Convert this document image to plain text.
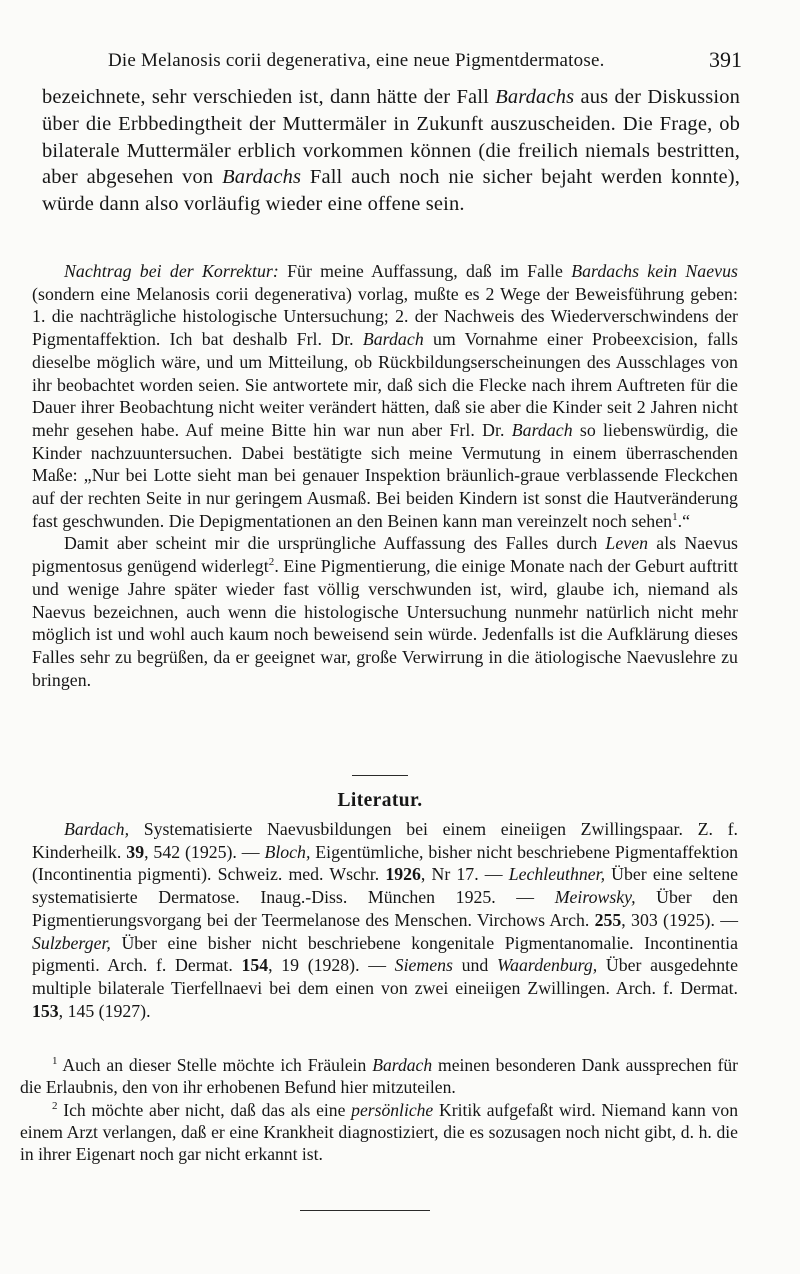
Die Melanosis corii degenerativa, eine neue Pigmentdermatose.	391

bezeichnete, sehr verschieden ist, dann hätte der Fall Bardachs aus der Diskussion über die Erbbedingtheit der Muttermäler in Zukunft auszuscheiden. Die Frage, ob bilaterale Muttermäler erblich vorkommen können (die freilich niemals bestritten, aber abgesehen von Bardachs Fall auch noch nie sicher bejaht werden konnte), würde dann also vorläufig wieder eine offene sein.

Nachtrag bei der Korrektur: Für meine Auffassung, daß im Falle Bardachs kein Naevus (sondern eine Melanosis corii degenerativa) vorlag, mußte es 2 Wege der Beweisführung geben: 1. die nachträgliche histologische Untersuchung; 2. der Nachweis des Wiederverschwindens der Pigmentaffektion. Ich bat deshalb Frl. Dr. Bardach um Vornahme einer Probeexcision, falls dieselbe möglich wäre, und um Mitteilung, ob Rückbildungserscheinungen des Ausschlages von ihr beobachtet worden seien. Sie antwortete mir, daß sich die Flecke nach ihrem Auftreten für die Dauer ihrer Beobachtung nicht weiter verändert hätten, daß sie aber die Kinder seit 2 Jahren nicht mehr gesehen habe. Auf meine Bitte hin war nun aber Frl. Dr. Bardach so liebenswürdig, die Kinder nachzuuntersuchen. Dabei bestätigte sich meine Vermutung in einem überraschenden Maße: „Nur bei Lotte sieht man bei genauer Inspektion bräunlich-graue verblassende Fleckchen auf der rechten Seite in nur geringem Ausmaß. Bei beiden Kindern ist sonst die Hautveränderung fast geschwunden. Die Depigmentationen an den Beinen kann man vereinzelt noch sehen$^1$.“

Damit aber scheint mir die ursprüngliche Auffassung des Falles durch Leven als Naevus pigmentosus genügend widerlegt$^2$. Eine Pigmentierung, die einige Monate nach der Geburt auftritt und wenige Jahre später wieder fast völlig verschwunden ist, wird, glaube ich, niemand als Naevus bezeichnen, auch wenn die histologische Untersuchung nunmehr natürlich nicht mehr möglich ist und wohl auch kaum noch beweisend sein würde. Jedenfalls ist die Aufklärung dieses Falles sehr zu begrüßen, da er geeignet war, große Verwirrung in die ätiologische Naevuslehre zu bringen.

Literatur.

Bardach, Systematisierte Naevusbildungen bei einem eineiigen Zwillingspaar. Z. f. Kinderheilk. 39, 542 (1925). — Bloch, Eigentümliche, bisher nicht beschriebene Pigmentaffektion (Incontinentia pigmenti). Schweiz. med. Wschr. 1926, Nr 17. — Lechleuthner, Über eine seltene systematisierte Dermatose. Inaug.-Diss. München 1925. — Meirowsky, Über den Pigmentierungsvorgang bei der Teermelanose des Menschen. Virchows Arch. 255, 303 (1925). — Sulzberger, Über eine bisher nicht beschriebene kongenitale Pigmentanomalie. Incontinentia pigmenti. Arch. f. Dermat. 154, 19 (1928). — Siemens und Waardenburg, Über ausgedehnte multiple bilaterale Tierfellnaevi bei dem einen von zwei eineiigen Zwillingen. Arch. f. Dermat. 153, 145 (1927).

$^1$ Auch an dieser Stelle möchte ich Fräulein Bardach meinen besonderen Dank aussprechen für die Erlaubnis, den von ihr erhobenen Befund hier mitzuteilen.

$^2$ Ich möchte aber nicht, daß das als eine persönliche Kritik aufgefaßt wird. Niemand kann von einem Arzt verlangen, daß er eine Krankheit diagnostiziert, die es sozusagen noch nicht gibt, d. h. die in ihrer Eigenart noch gar nicht erkannt ist.
